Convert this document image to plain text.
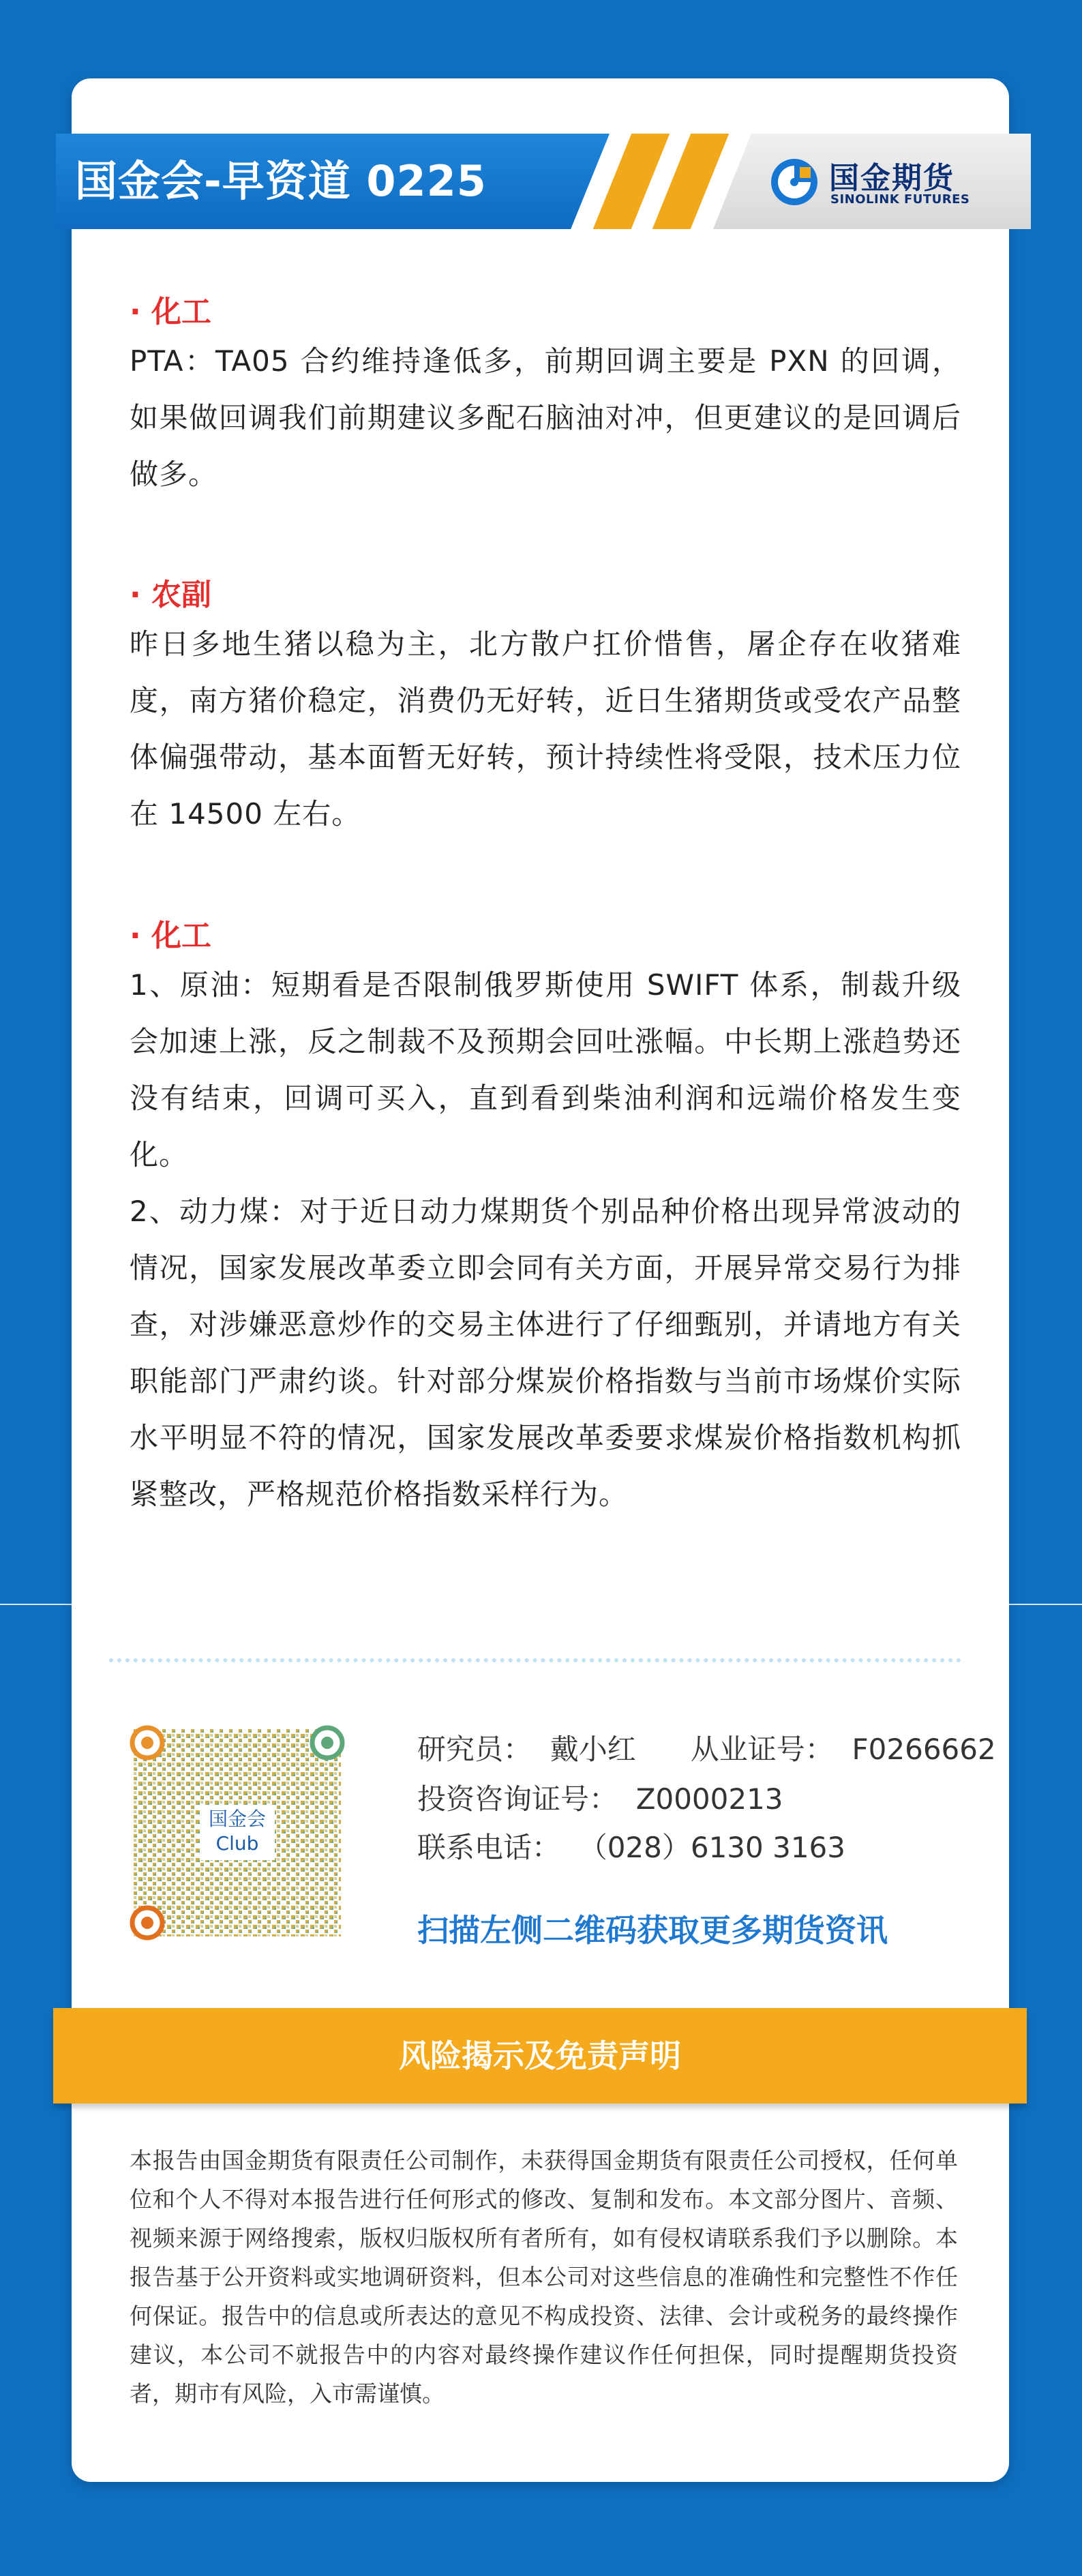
国金会-早资道 0225	国金期货
SINOLINK FUTURES
· 化工

PTA：TA05 合约维持逢低多，前期回调主要是 PXN 的回调，如果做回调我们前期建议多配石脑油对冲，但更建议的是回调后做多。

· 农副

昨日多地生猪以稳为主，北方散户扛价惜售，屠企存在收猪难度，南方猪价稳定，消费仍无好转，近日生猪期货或受农产品整体偏强带动，基本面暂无好转，预计持续性将受限，技术压力位在 14500 左右。

· 化工

1、原油：短期看是否限制俄罗斯使用 SWIFT 体系，制裁升级会加速上涨，反之制裁不及预期会回吐涨幅。中长期上涨趋势还没有结束，回调可买入，直到看到柴油利润和远端价格发生变化。

2、动力煤：对于近日动力煤期货个别品种价格出现异常波动的情况，国家发展改革委立即会同有关方面，开展异常交易行为排查，对涉嫌恶意炒作的交易主体进行了仔细甄别，并请地方有关职能部门严肃约谈。针对部分煤炭价格指数与当前市场煤价实际水平明显不符的情况，国家发展改革委要求煤炭价格指数机构抓紧整改，严格规范价格指数采样行为。

国金会
Club
研究员：  戴小红      从业证号：  F0266662
投资咨询证号：  Z0000213
联系电话：  （028）6130 3163
扫描左侧二维码获取更多期货资讯
风险揭示及免责声明

本报告由国金期货有限责任公司制作，未获得国金期货有限责任公司授权，任何单位和个人不得对本报告进行任何形式的修改、复制和发布。本文部分图片、音频、视频来源于网络搜索，版权归版权所有者所有，如有侵权请联系我们予以删除。本报告基于公开资料或实地调研资料，但本公司对这些信息的准确性和完整性不作任何保证。报告中的信息或所表达的意见不构成投资、法律、会计或税务的最终操作建议，本公司不就报告中的内容对最终操作建议作任何担保，同时提醒期货投资者，期市有风险，入市需谨慎。
